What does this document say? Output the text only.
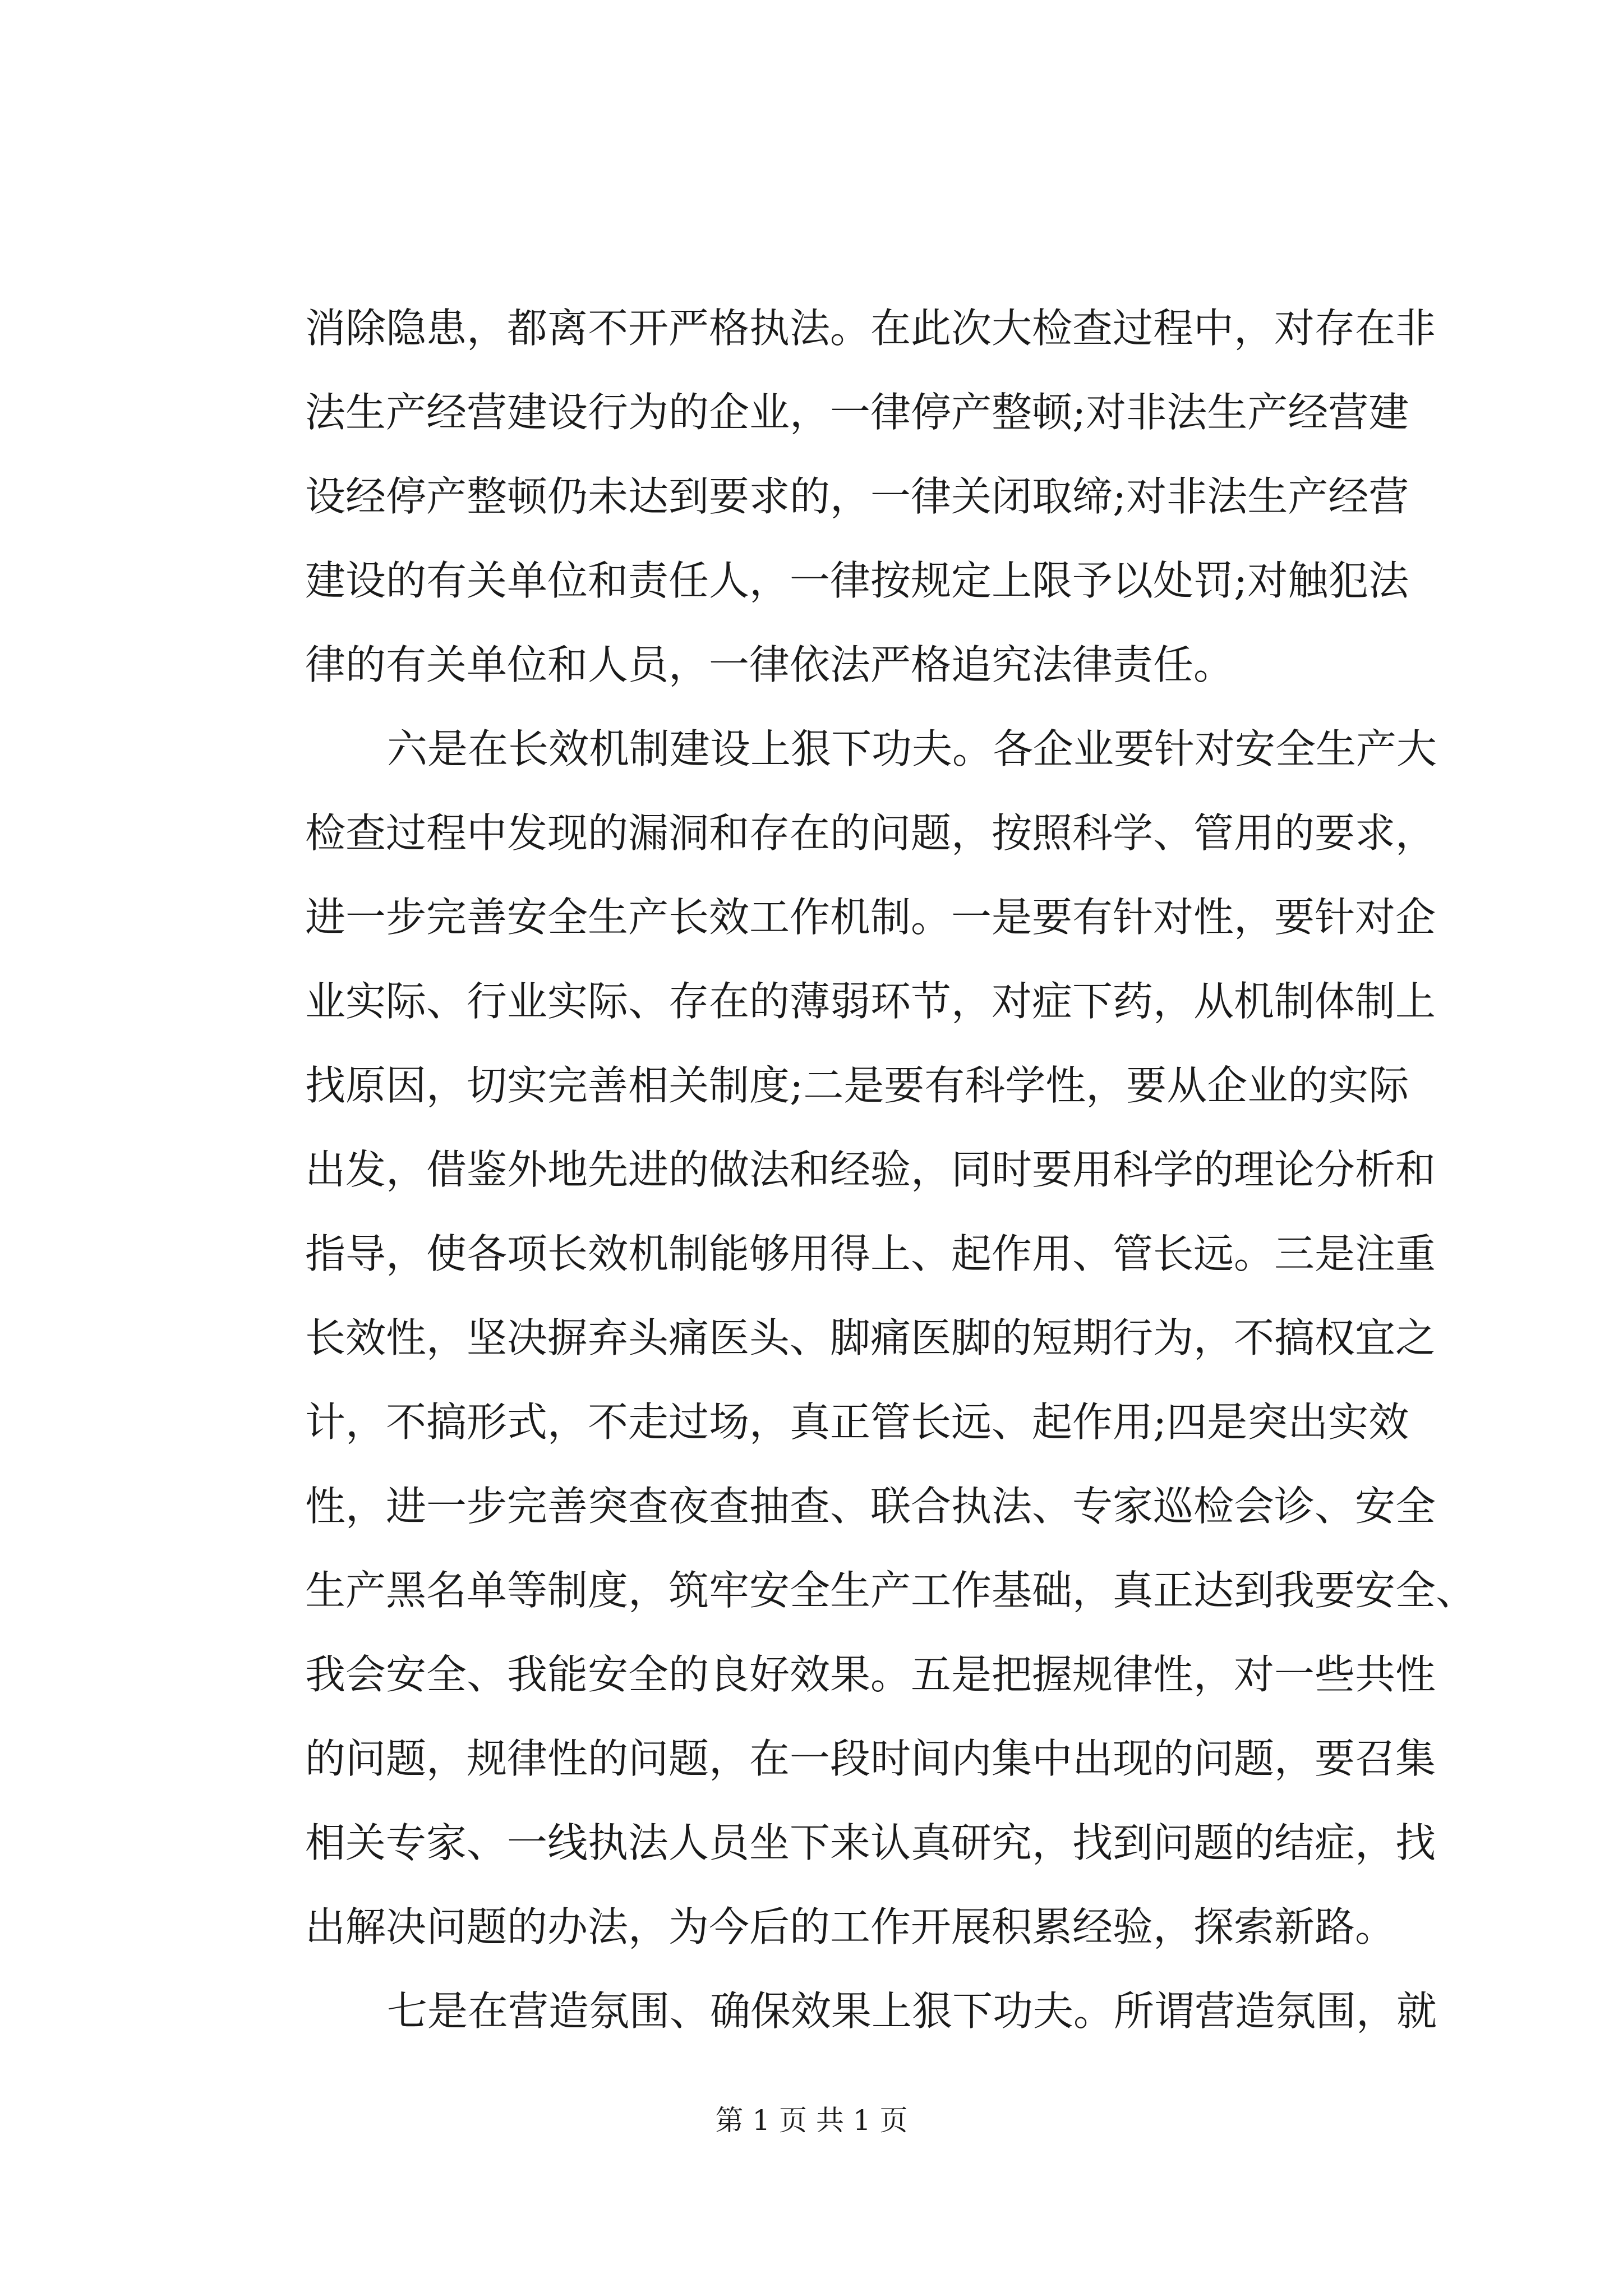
消除隐患，都离不开严格执法。在此次大检查过程中，对存在非
法生产经营建设行为的企业，一律停产整顿;对非法生产经营建
设经停产整顿仍未达到要求的，一律关闭取缔;对非法生产经营
建设的有关单位和责任人，一律按规定上限予以处罚;对触犯法
律的有关单位和人员，一律依法严格追究法律责任。
六是在长效机制建设上狠下功夫。各企业要针对安全生产大
检查过程中发现的漏洞和存在的问题，按照科学、管用的要求，
进一步完善安全生产长效工作机制。一是要有针对性，要针对企
业实际、行业实际、存在的薄弱环节，对症下药，从机制体制上
找原因，切实完善相关制度;二是要有科学性，要从企业的实际
出发，借鉴外地先进的做法和经验，同时要用科学的理论分析和
指导，使各项长效机制能够用得上、起作用、管长远。三是注重
长效性，坚决摒弃头痛医头、脚痛医脚的短期行为，不搞权宜之
计，不搞形式，不走过场，真正管长远、起作用;四是突出实效
性，进一步完善突查夜查抽查、联合执法、专家巡检会诊、安全
生产黑名单等制度，筑牢安全生产工作基础，真正达到我要安全、
我会安全、我能安全的良好效果。五是把握规律性，对一些共性
的问题，规律性的问题，在一段时间内集中出现的问题，要召集
相关专家、一线执法人员坐下来认真研究，找到问题的结症，找
出解决问题的办法，为今后的工作开展积累经验，探索新路。
七是在营造氛围、确保效果上狠下功夫。所谓营造氛围，就
第 1 页 共 1 页
